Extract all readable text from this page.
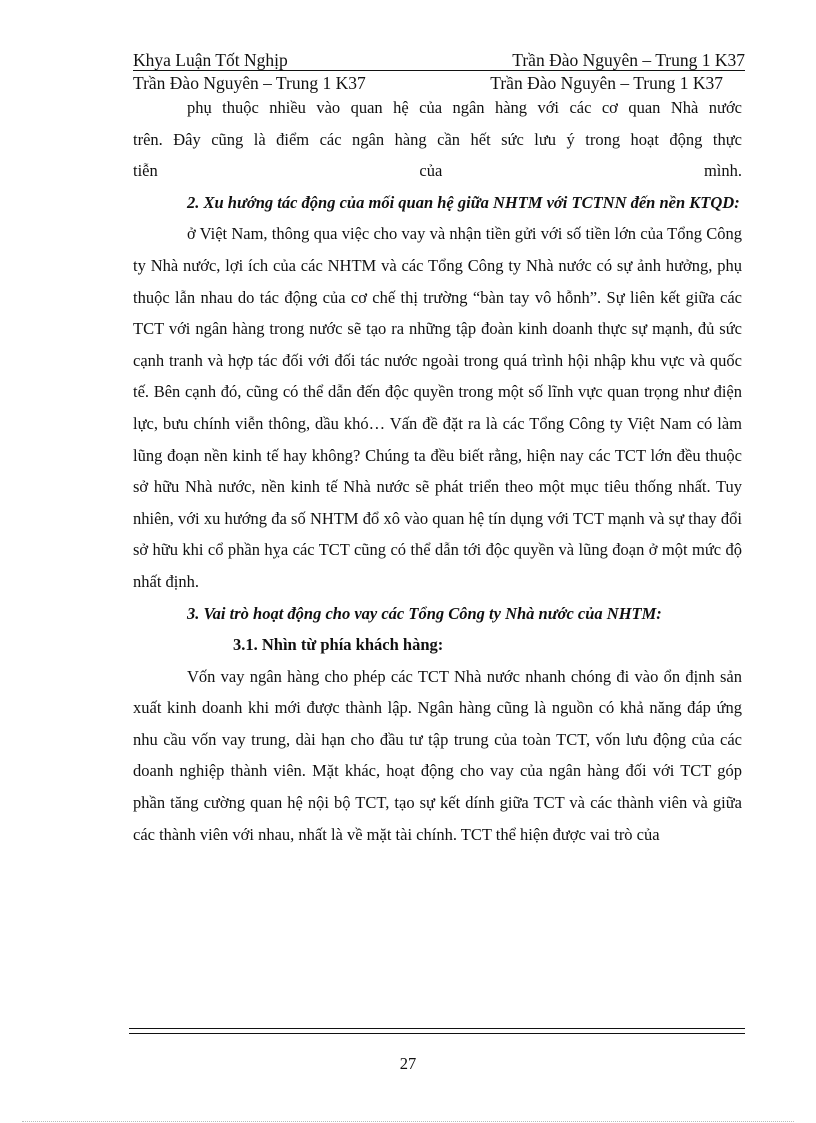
Khya Luận Tốt Nghịp	Trần Đào Nguyên – Trung 1 K37
Trần Đào Nguyên – Trung 1 K37	Trần Đào Nguyên – Trung 1 K37

phụ thuộc nhiều vào quan hệ của ngân hàng với các cơ quan Nhà nước

trên. Đây cũng là điểm các ngân hàng cần hết sức lưu ý trong hoạt động thực

tiễn                                của                                mình.

2. Xu hướng tác động của mối quan hệ giữa NHTM với TCTNN đến nền KTQD:

ở Việt Nam, thông qua việc cho vay và nhận tiền gửi với số tiền lớn của Tổng Công ty Nhà nước, lợi ích của các NHTM và các Tổng Công ty Nhà nước có sự ảnh hưởng, phụ thuộc lẫn nhau do tác động của cơ chế thị trường “bàn tay vô hỗnh”. Sự liên kết giữa các TCT với ngân hàng trong nước sẽ tạo ra những tập đoàn kinh doanh thực sự mạnh, đủ sức cạnh tranh và hợp tác đối với đối tác nước ngoài trong quá trình hội nhập khu vực và quốc tế. Bên cạnh đó, cũng có thể dẫn đến độc quyền trong một số lĩnh vực quan trọng như điện lực, bưu chính viễn thông, dầu khó… Vấn đề đặt ra là các Tổng Công ty Việt Nam có làm lũng đoạn nền kinh tế hay không? Chúng ta đều biết rằng, hiện nay các TCT lớn đều thuộc sở hữu Nhà nước, nền kinh tế Nhà nước sẽ phát triển theo một mục tiêu thống nhất. Tuy nhiên, với xu hướng đa số NHTM đổ xô vào quan hệ tín dụng với TCT mạnh và sự thay đổi sở hữu khi cổ phần hỵa các TCT cũng có thể dẫn tới độc quyền và lũng đoạn ở một mức độ nhất định.

3. Vai trò hoạt động cho vay các Tổng Công ty Nhà nước của NHTM:

3.1. Nhìn từ phía khách hàng:

Vốn vay ngân hàng cho phép các TCT Nhà nước nhanh chóng đi vào ổn định sản xuất kinh doanh khi mới được thành lập. Ngân hàng cũng là nguồn có khả năng đáp ứng nhu cầu vốn vay trung, dài hạn cho đầu tư tập trung của toàn TCT, vốn lưu động của các doanh nghiệp thành viên. Mặt khác, hoạt động cho vay của ngân hàng đối với TCT góp phần tăng cường quan hệ nội bộ TCT, tạo sự kết dính giữa TCT và các thành viên và giữa các thành viên với nhau, nhất là về mặt tài chính. TCT thể hiện được vai trò của

27
